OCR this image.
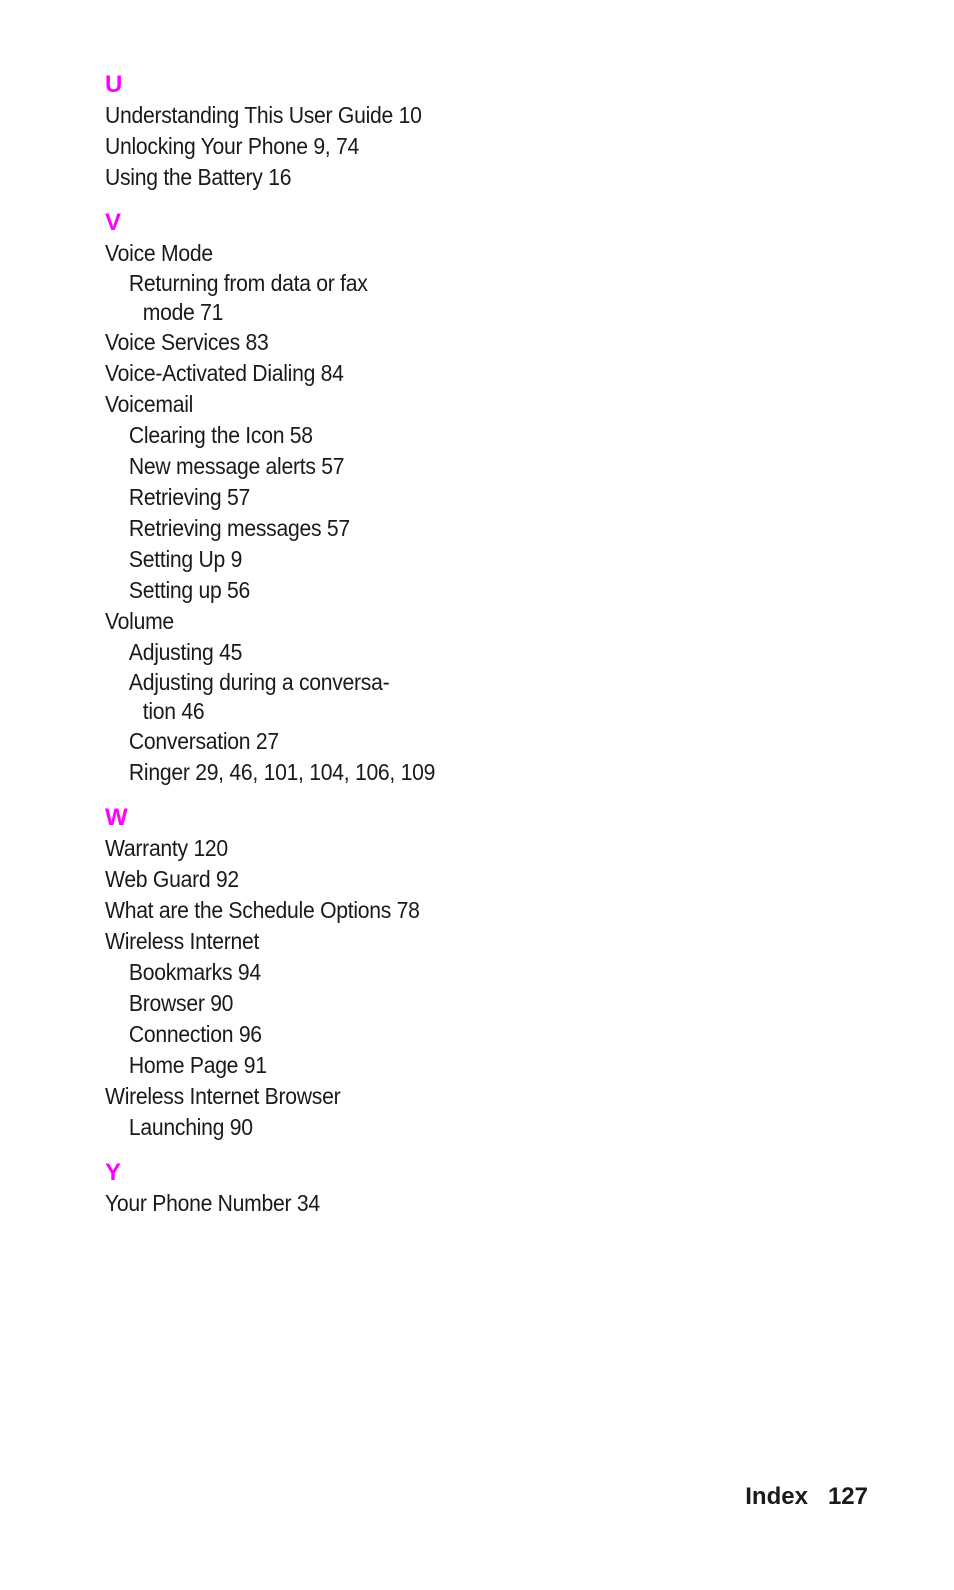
U
Understanding This User Guide 10
Unlocking Your Phone 9, 74
Using the Battery 16
V
Voice Mode
Returning from data or fax
mode 71
Voice Services 83
Voice-Activated Dialing 84
Voicemail
Clearing the Icon 58
New message alerts 57
Retrieving 57
Retrieving messages 57
Setting Up 9
Setting up 56
Volume
Adjusting 45
Adjusting during a conversa-
tion 46
Conversation 27
Ringer 29, 46, 101, 104, 106, 109
W
Warranty 120
Web Guard 92
What are the Schedule Options 78
Wireless Internet
Bookmarks 94
Browser 90
Connection 96
Home Page 91
Wireless Internet Browser
Launching 90
Y
Your Phone Number 34
Index 127
